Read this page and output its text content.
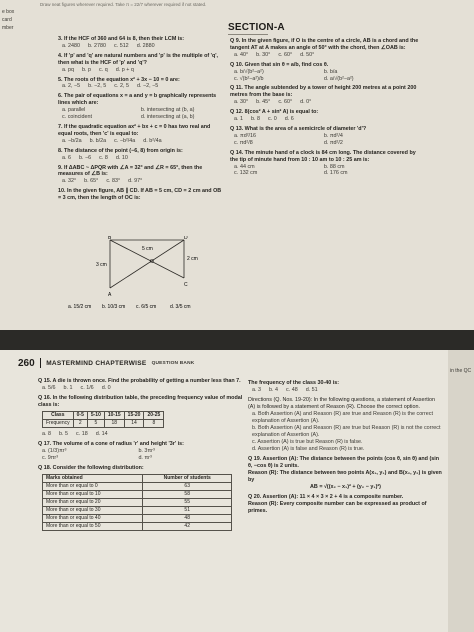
Draw neat figures wherever required. Take π = 22/7 wherever required if not stated.
e box
card
mber	SECTION-A
3. If the HCF of 360 and 64 is 8, then their LCM is:
a. 2480 b. 2780 c. 512 d. 2880
4. If 'p' and 'q' are natural numbers and 'p' is the multiple of 'q', then what is the HCF of 'p' and 'q'?
a. pq b. p c. q d. p + q
5. The roots of the equation x² + 3x − 10 = 0 are:
a. 2, −5 b. −2, 5 c. 2, 5 d. −2, −5
6. The pair of equations x = a and y = b graphically represents lines which are:
a. parallel	b. intersecting at (b, a)
c. coincident	d. intersecting at (a, b)
7. If the quadratic equation ax² + bx + c = 0 has two real and equal roots, then 'c' is equal to:
a. −b/2a b. b/2a c. −b²/4a d. b²/4a
8. The distance of the point (−6, 8) from origin is:
a. 6 b. −6 c. 8 d. 10
9. If ΔABC ~ ΔPQR with ∠A = 32° and ∠R = 65°, then the measures of ∠B is:
a. 32° b. 65° c. 83° d. 97°
10. In the given figure, AB ∥ CD. If AB = 5 cm, CD = 2 cm and OB = 3 cm, then the length of OC is:
5 cm
3 cm
2 cm
O
A
B
C
D
a. 15/2 cm b. 10/3 cm c. 6/5 cm	d. 3/5 cm
Q 9. In the given figure, if O is the centre of a circle, AB is a chord and the tangent AT at A makes an angle of 50° with the chord, then ∠OAB is:
a. 40° b. 30° c. 60° d. 50°
Q 10. Given that sin θ = a/b, find cos θ.
a. b/√(b²−a²)	b. b/a
c. √(b²−a²)/b	d. a/√(b²−a²)
Q 11. The angle subtended by a tower of height 200 metres at a point 200 metres from the base is:
a. 30° b. 45° c. 60° d. 0°
Q 12. 8(cos² A + sin² A) is equal to:
a. 1 b. 8 c. 0 d. 6
Q 13. What is the area of a semicircle of diameter 'd'?
a. πd²/16	b. πd²/4
c. πd²/8	d. πd²/2
Q 14. The minute hand of a clock is 84 cm long. The distance covered by the tip of minute hand from 10 : 10 am to 10 : 25 am is:
a. 44 cm	b. 88 cm
c. 132 cm	d. 176 cm
260 MASTERMIND CHAPTERWISE QUESTION BANK
Q 15. A die is thrown once. Find the probability of getting a number less than 7.
a. 5/6 b. 1 c. 1/6 d. 0
Q 16. In the following distribution table, the preceding frequency value of modal class is:
Class	0-5	5-10	10-15	15-20	20-25
Frequency	2	5	18	14	8
a. 8 b. 5 c. 18 d. 14
Q 17. The volume of a cone of radius 'r' and height '3r' is:
a. (1/3)πr³	b. 3πr³
c. 9πr³	d. πr³
Q 18. Consider the following distribution:
Marks obtained	Number of students
More than or equal to 0	63
More than or equal to 10	58
More than or equal to 20	55
More than or equal to 30	51
More than or equal to 40	48
More than or equal to 50	42
The frequency of the class 30-40 is:
a. 3 b. 4 c. 48 d. 51
Directions (Q. Nos. 19-20): In the following questions, a statement of Assertion (A) is followed by a statement of Reason (R). Choose the correct option.
a. Both Assertion (A) and Reason (R) are true and Reason (R) is the correct explanation of Assertion (A).
b. Both Assertion (A) and Reason (R) are true but Reason (R) is not the correct explanation of Assertion (A).
c. Assertion (A) is true but Reason (R) is false.
d. Assertion (A) is false and Reason (R) is true.
Q 19. Assertion (A): The distance between the points (cos θ, sin θ) and (sin θ, −cos θ) is 2 units.
Reason (R): The distance between two points A(x₁, y₁) and B(x₂, y₂) is given by
AB = √((x₂ − x₁)² + (y₂ − y₁)²)
Q 20. Assertion (A): 11 × 4 × 3 × 2 + 4 is a composite number.
Reason (R): Every composite number can be expressed as product of primes.
in the QC
